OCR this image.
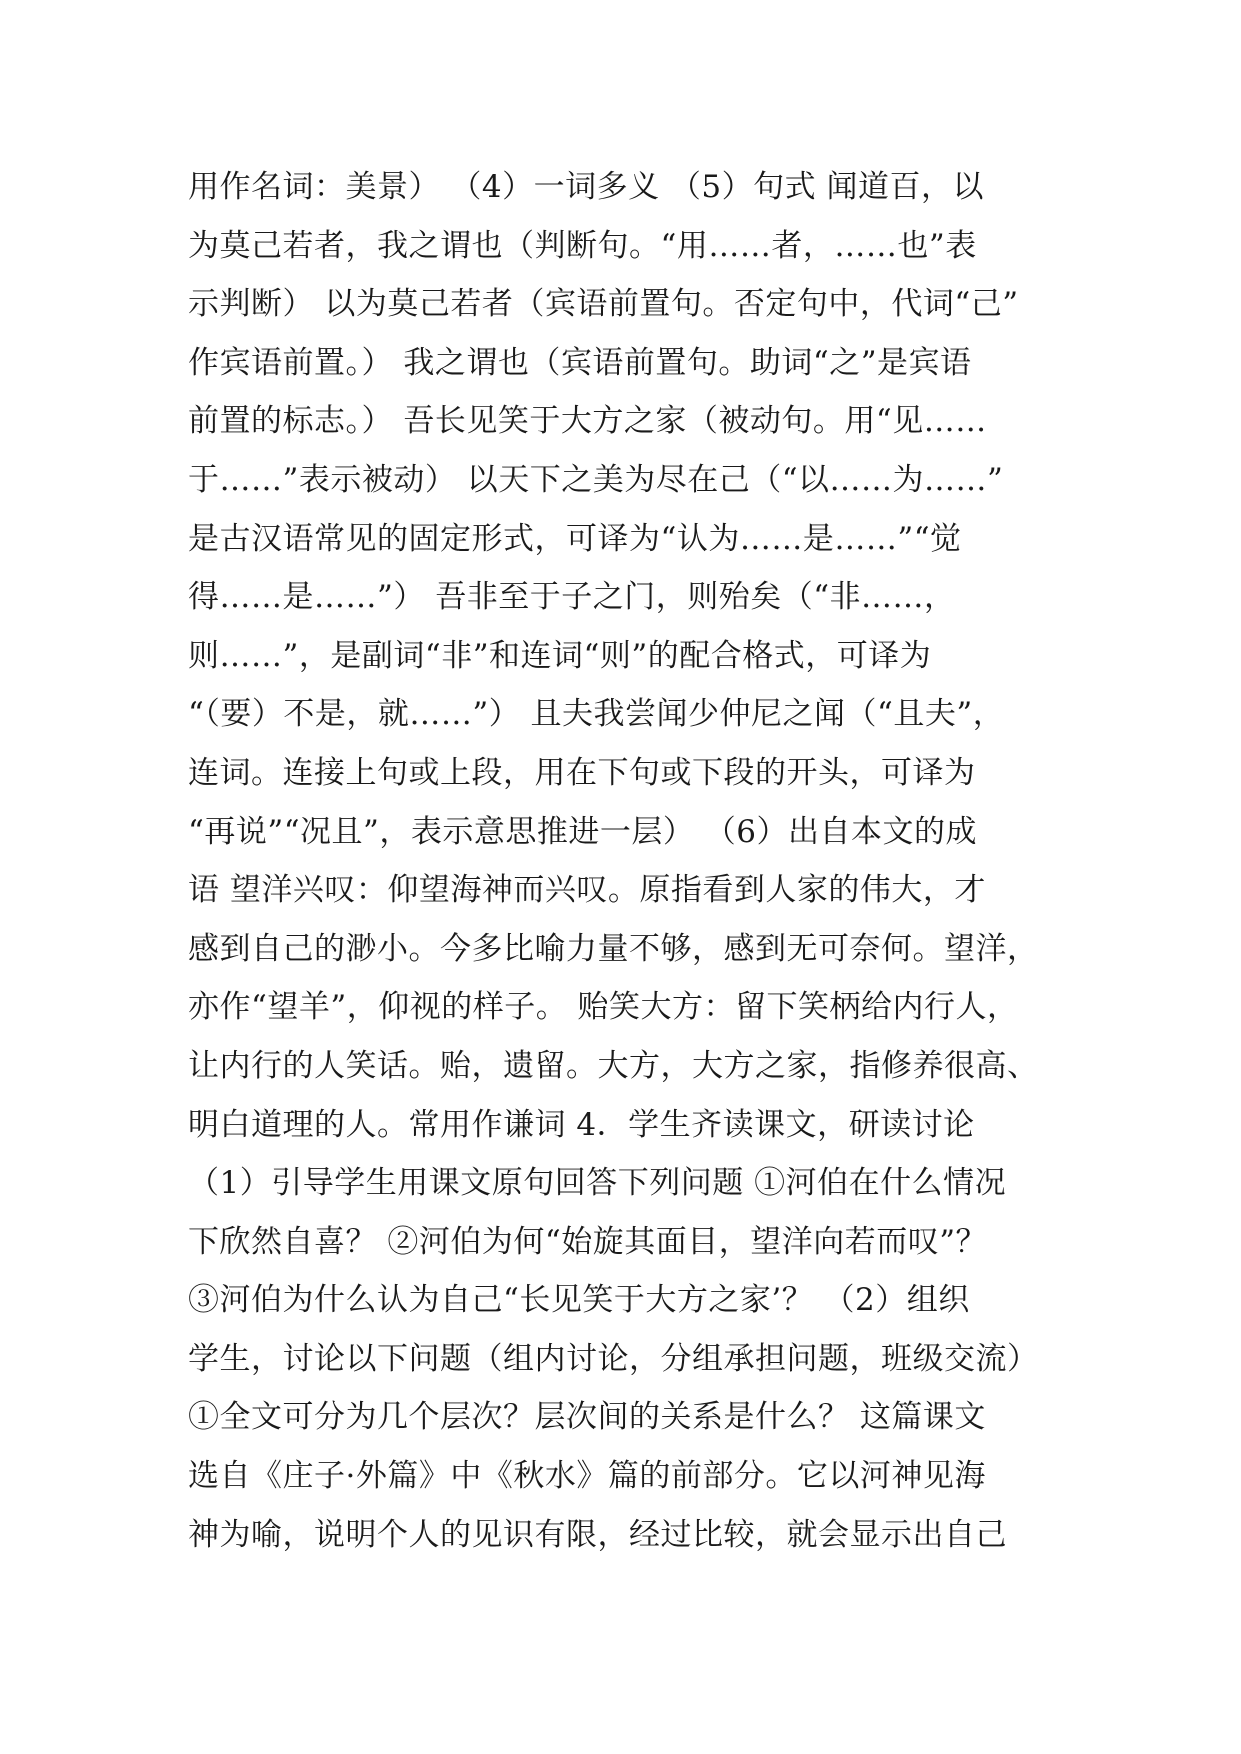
用作名词：美景） （4）一词多义 （5）句式 闻道百，以
为莫己若者，我之谓也（判断句。“用……者，……也”表
示判断） 以为莫己若者（宾语前置句。否定句中，代词“己”
作宾语前置。） 我之谓也（宾语前置句。助词“之”是宾语
前置的标志。） 吾长见笑于大方之家（被动句。用“见……
于……”表示被动） 以天下之美为尽在己（“以……为……”
是古汉语常见的固定形式，可译为“认为……是……”“觉
得……是……”） 吾非至于子之门，则殆矣（“非……，
则……”，是副词“非”和连词“则”的配合格式，可译为
“（要）不是，就……”） 且夫我尝闻少仲尼之闻（“且夫”，
连词。连接上句或上段，用在下句或下段的开头，可译为
“再说”“况且”，表示意思推进一层） （6）出自本文的成
语 望洋兴叹：仰望海神而兴叹。原指看到人家的伟大，才
感到自己的渺小。今多比喻力量不够，感到无可奈何。望洋，
亦作“望羊”，仰视的样子。 贻笑大方：留下笑柄给内行人，
让内行的人笑话。贻，遗留。大方，大方之家，指修养很高、
明白道理的人。常用作谦词 4．学生齐读课文，研读讨论
（1）引导学生用课文原句回答下列问题 ①河伯在什么情况
下欣然自喜？ ②河伯为何“始旋其面目，望洋向若而叹”？
③河伯为什么认为自己“长见笑于大方之家’？ （2）组织
学生，讨论以下问题（组内讨论，分组承担问题，班级交流）
①全文可分为几个层次？层次间的关系是什么？ 这篇课文
选自《庄子·外篇》中《秋水》篇的前部分。它以河神见海
神为喻，说明个人的见识有限，经过比较，就会显示出自己
